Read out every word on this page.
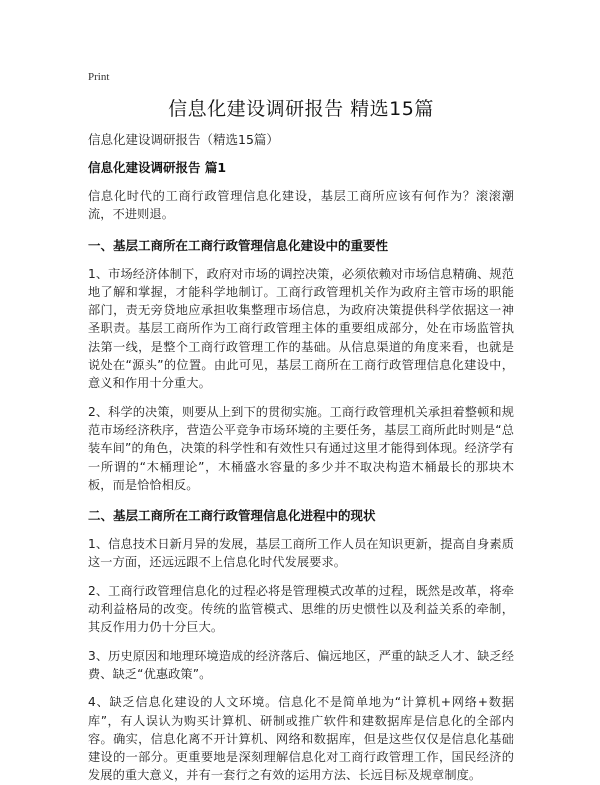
Print

信息化建设调研报告 精选15篇

信息化建设调研报告（精选15篇）

信息化建设调研报告 篇1

信息化时代的工商行政管理信息化建设，基层工商所应该有何作为？滚滚潮流，不进则退。

一、基层工商所在工商行政管理信息化建设中的重要性

1、市场经济体制下，政府对市场的调控决策，必须依赖对市场信息精确、规范地了解和掌握，才能科学地制订。工商行政管理机关作为政府主管市场的职能部门，责无旁贷地应承担收集整理市场信息，为政府决策提供科学依据这一神圣职责。基层工商所作为工商行政管理主体的重要组成部分，处在市场监管执法第一线，是整个工商行政管理工作的基础。从信息渠道的角度来看，也就是说处在“源头”的位置。由此可见，基层工商所在工商行政管理信息化建设中，意义和作用十分重大。

2、科学的决策，则要从上到下的贯彻实施。工商行政管理机关承担着整顿和规范市场经济秩序，营造公平竞争市场环境的主要任务，基层工商所此时则是“总装车间”的角色，决策的科学性和有效性只有通过这里才能得到体现。经济学有一所谓的“木桶理论”，木桶盛水容量的多少并不取决构造木桶最长的那块木板，而是恰恰相反。

二、基层工商所在工商行政管理信息化进程中的现状

1、信息技术日新月异的发展，基层工商所工作人员在知识更新，提高自身素质这一方面，还远远跟不上信息化时代发展要求。

2、工商行政管理信息化的过程必将是管理模式改革的过程，既然是改革，将牵动利益格局的改变。传统的监管模式、思维的历史惯性以及利益关系的牵制，其反作用力仍十分巨大。

3、历史原因和地理环境造成的经济落后、偏远地区，严重的缺乏人才、缺乏经费、缺乏“优惠政策”。

4、缺乏信息化建设的人文环境。信息化不是简单地为“计算机+网络+数据库”，有人误认为购买计算机、研制或推广软件和建数据库是信息化的全部内容。确实，信息化离不开计算机、网络和数据库，但是这些仅仅是信息化基础建设的一部分。更重要地是深刻理解信息化对工商行政管理工作，国民经济的发展的重大意义，并有一套行之有效的运用方法、长远目标及规章制度。
